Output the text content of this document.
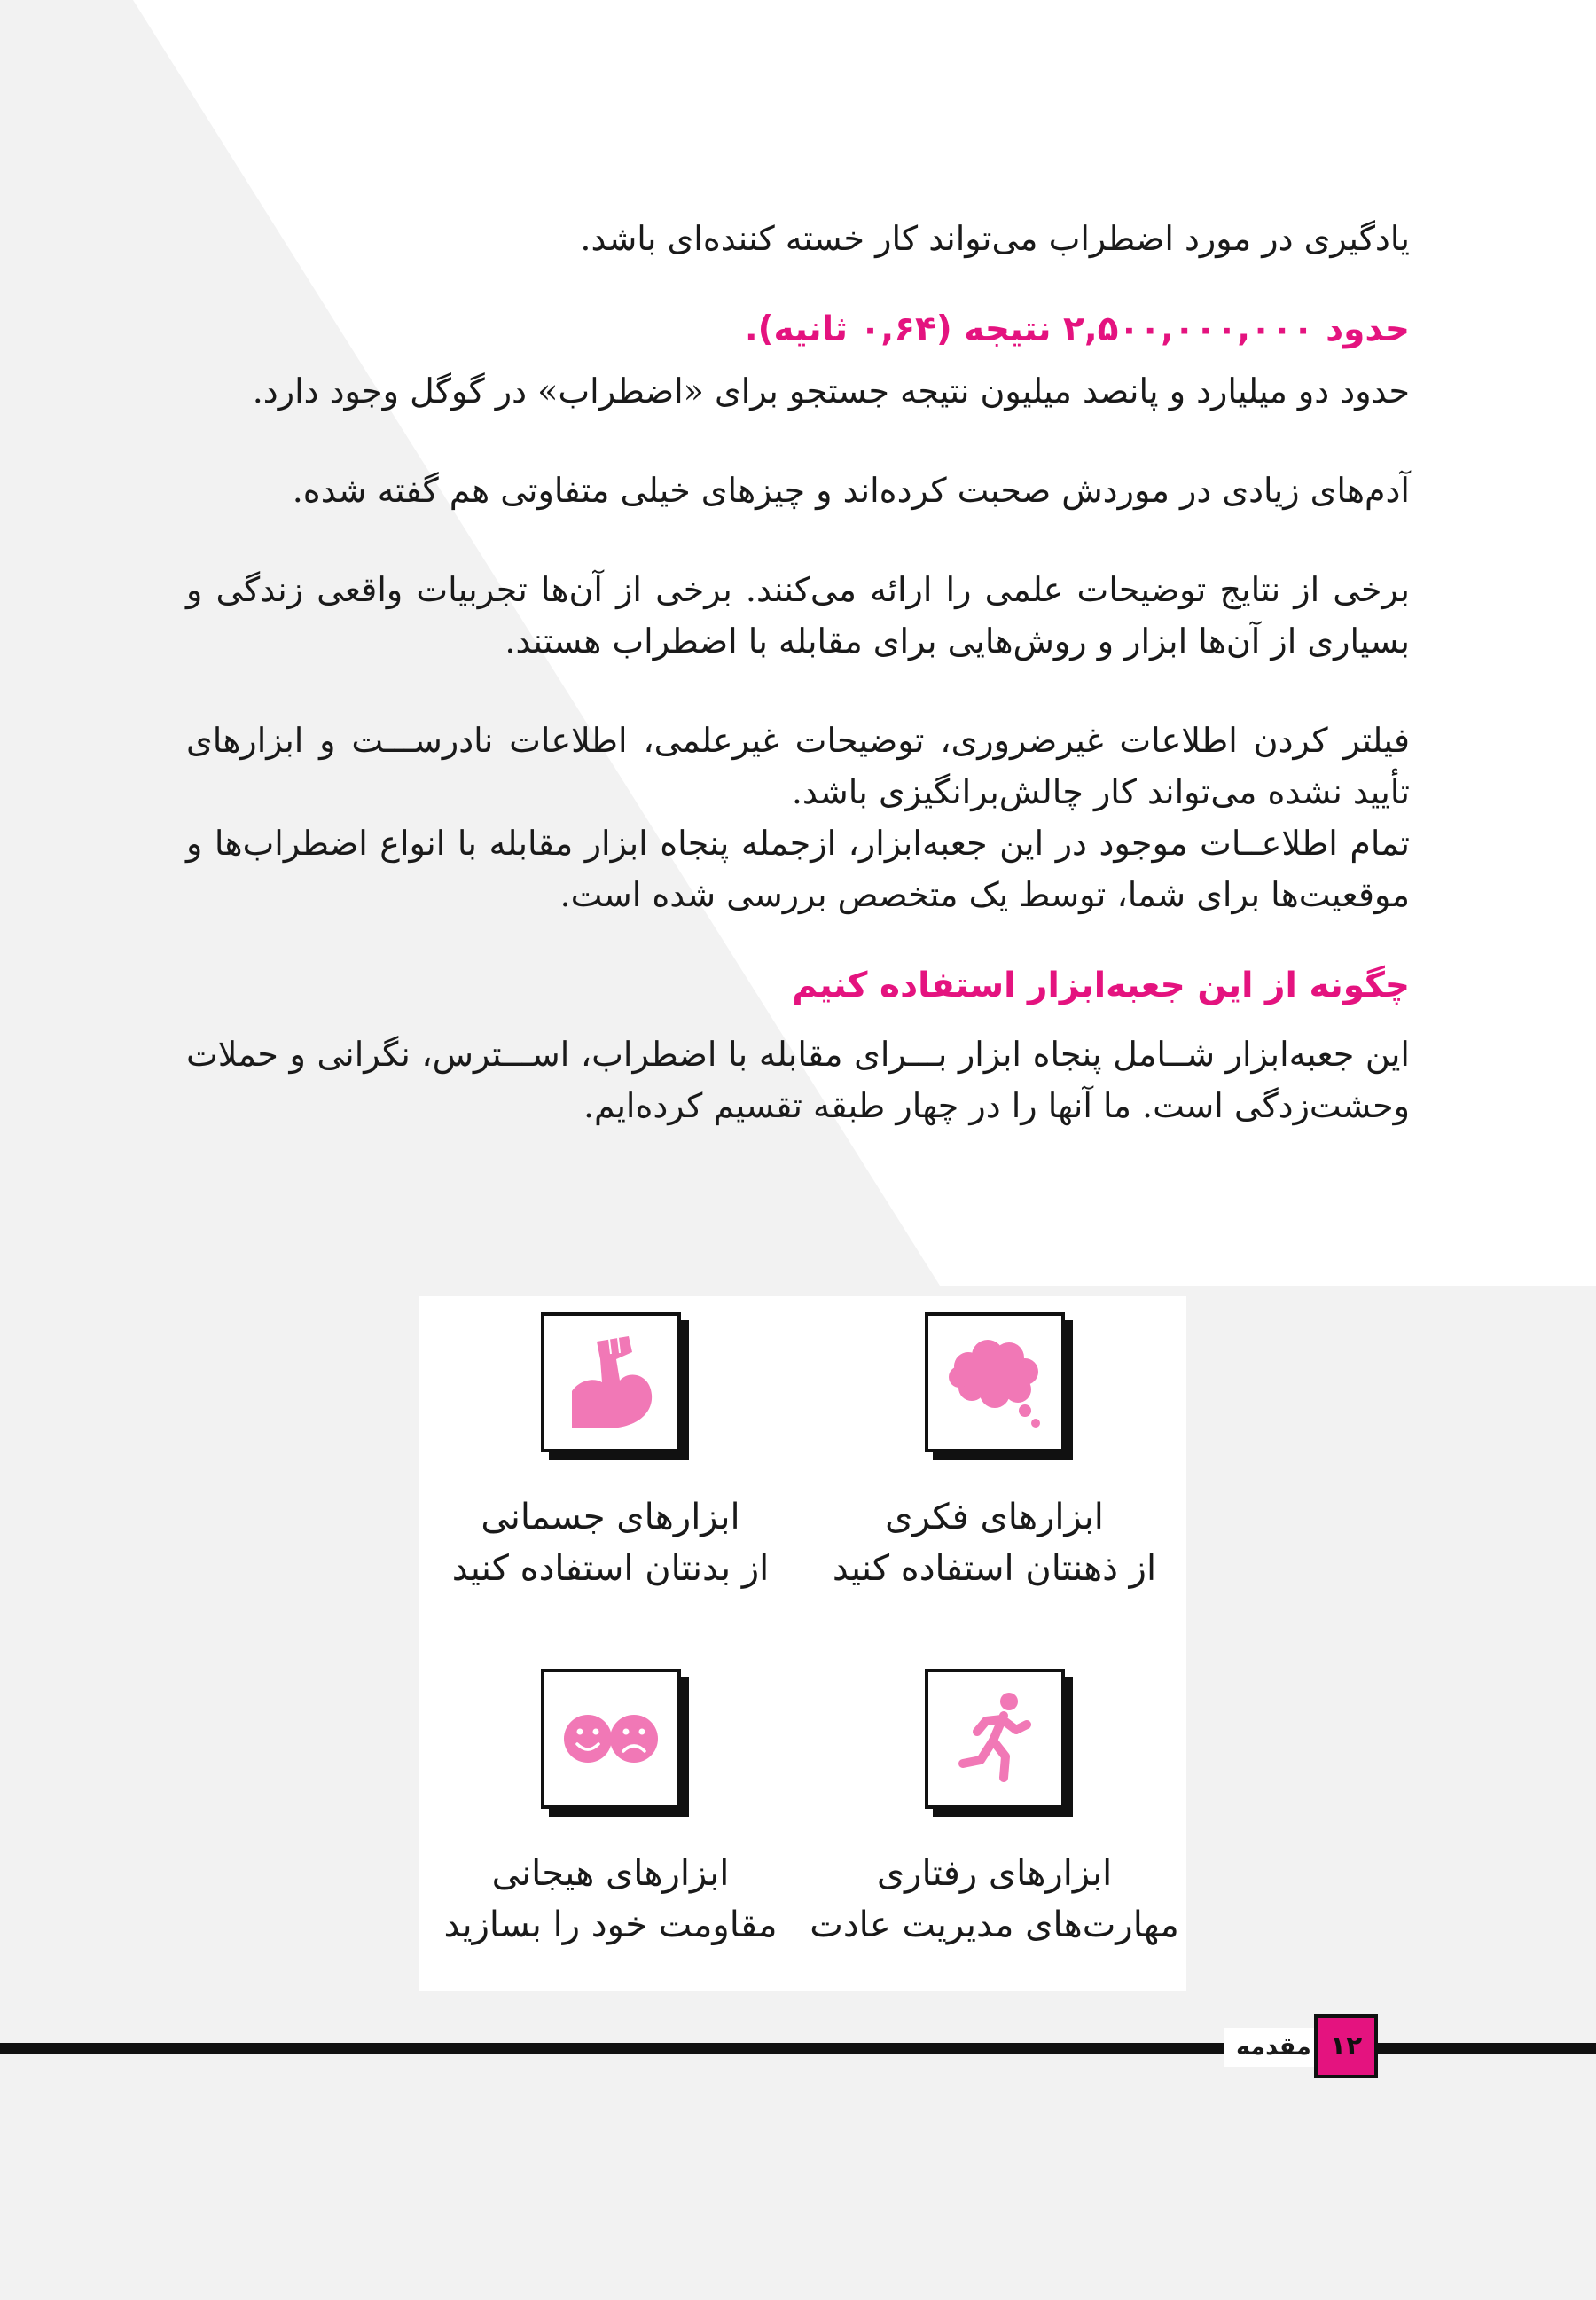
یادگیری در مورد اضطراب می‌تواند کار خسته کننده‌ای باشد.

حدود ۲,۵۰۰,۰۰۰,۰۰۰ نتیجه (۰,۶۴ ثانیه).

حدود دو میلیارد و پانصد میلیون نتیجه جستجو برای «اضطراب» در گوگل وجود دارد.

آدم‌های زیادی در موردش صحبت کرده‌اند و چیزهای خیلی متفاوتی هم گفته شده.

برخی از نتایج توضیحات علمی را ارائه می‌کنند. برخی از آن‌ها تجربیات واقعی زندگی و بسیاری از آن‌ها ابزار و روش‌هایی برای مقابله با اضطراب هستند.

فیلتر کردن اطلاعات غیرضروری، توضیحات غیرعلمی، اطلاعات نادرســـت و ابزارهای تأیید نشده می‌تواند کار چالش‌برانگیزی باشد.

تمام اطلاعــات موجود در این جعبه‌ابزار، ازجمله پنجاه ابزار مقابله با انواع اضطراب‌ها و موقعیت‌ها برای شما، توسط یک متخصص بررسی شده است.

چگونه از این جعبه‌ابزار استفاده کنیم

این جعبه‌ابزار شــامل پنجاه ابزار بـــرای مقابله با اضطراب، اســـترس، نگرانی و حملات وحشت‌زدگی است. ما آنها را در چهار طبقه تقسیم کرده‌ایم.

ابزارهای فکری
از ذهنتان استفاده کنید
ابزارهای جسمانی
از بدنتان استفاده کنید
ابزارهای رفتاری
مهارت‌های مدیریت عادت
ابزارهای هیجانی
مقاومت خود را بسازید
مقدمه ۱۲
